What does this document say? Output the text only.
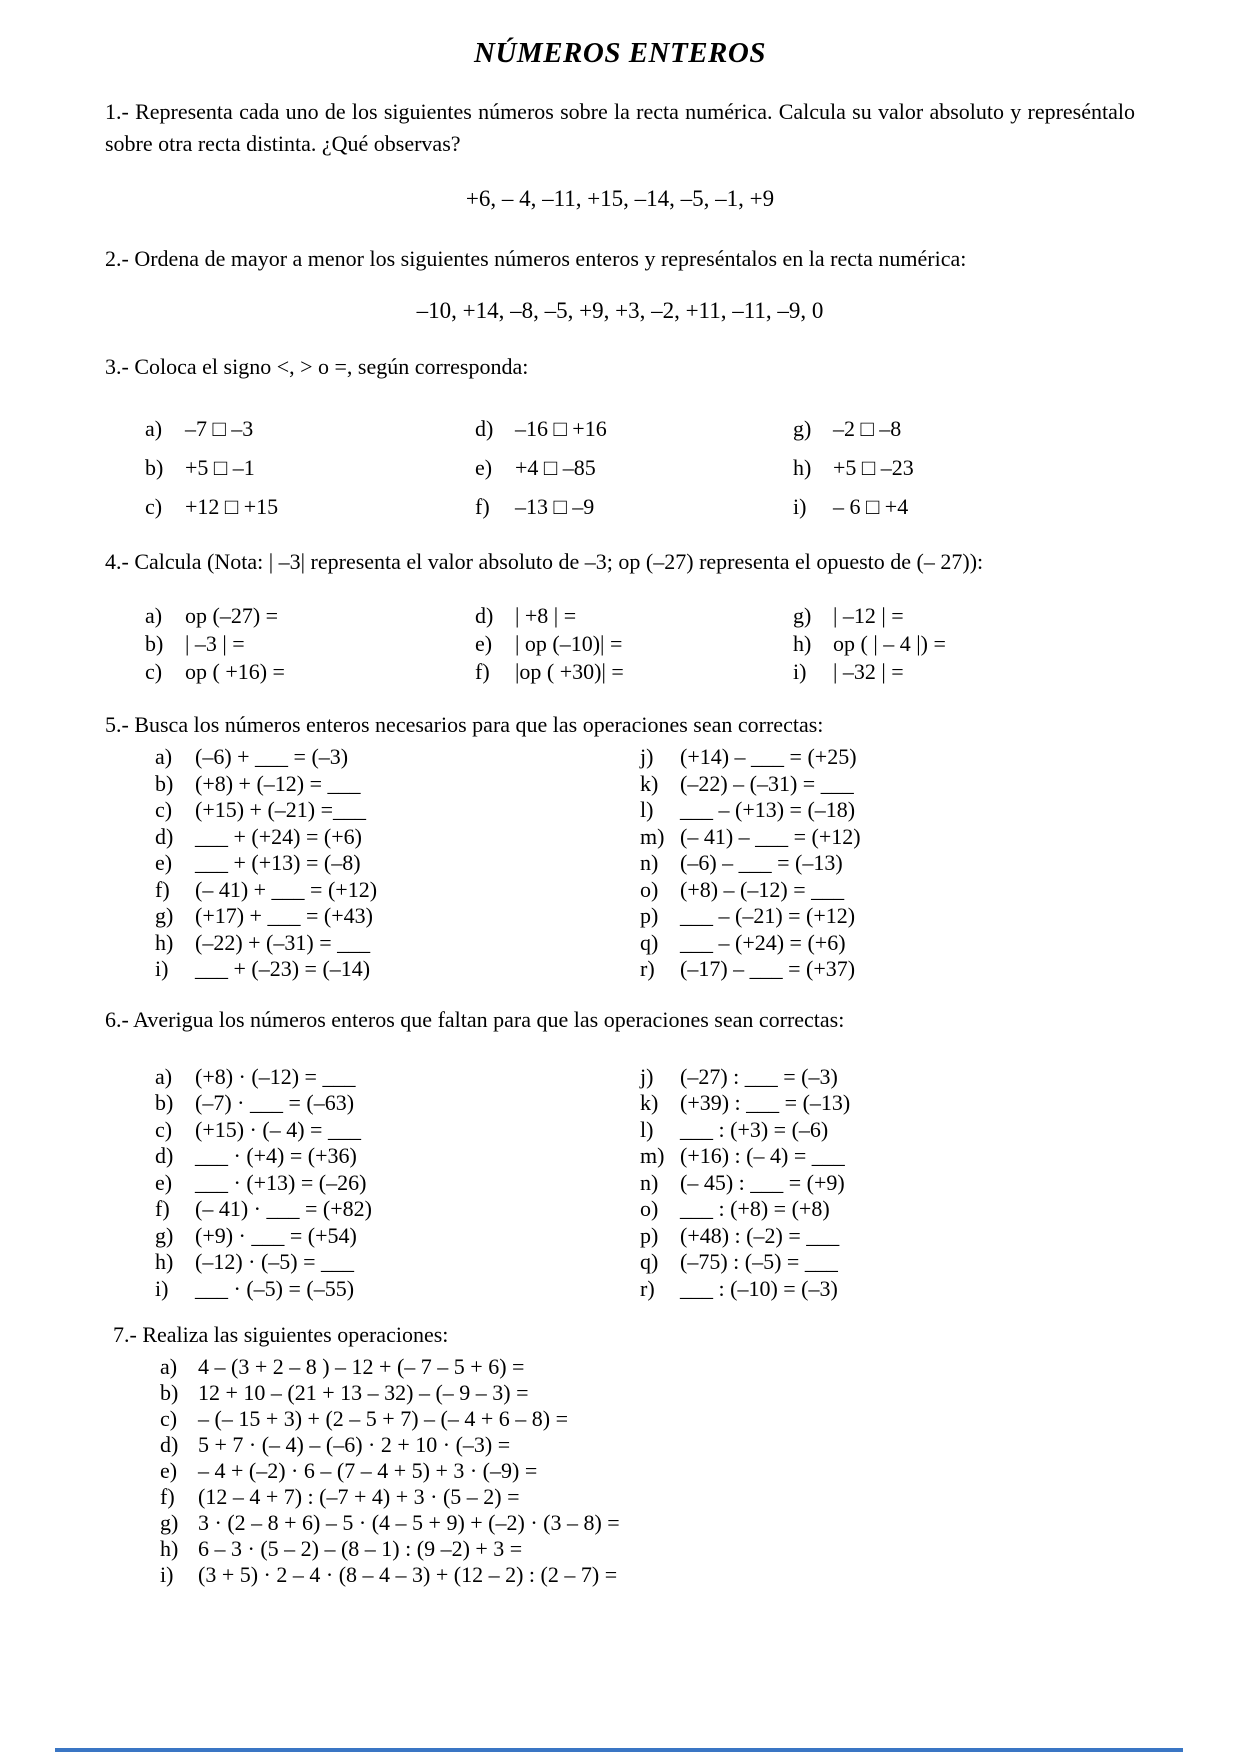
NÚMEROS ENTEROS

1.- Representa cada uno de los siguientes números sobre la recta numérica. Calcula su valor absoluto y represéntalo sobre otra recta distinta. ¿Qué observas?

+6, – 4, –11, +15, –14, –5, –1, +9
2.- Ordena de mayor a menor los siguientes números enteros y represéntalos en la recta numérica:
–10, +14, –8, –5, +9, +3, –2, +11, –11, –9, 0
3.- Coloca el signo <, > o =, según corresponda:
a)	–7 □ –3
b) +5 □ –1
c)	+12 □ +15
d) –16 □ +16
e)	+4 □ –85
f)	–13 □ –9
g) –2 □ –8
h) +5 □ –23
i)	– 6 □ +4
4.- Calcula (Nota: | –3| representa el valor absoluto de –3; op (–27) representa el opuesto de (– 27)):
a)	op (–27) =
b) | –3 | =
c)	op ( +16) =
d) | +8 | =
e)	| op (–10)| =
f)	|op ( +30)| =
g) | –12 | =
h) op ( | – 4 |) =
i)	| –32 | =
5.- Busca los números enteros necesarios para que las operaciones sean correctas:
a)	(–6) + ___ = (–3)
b) (+8) + (–12) = ___
c)	(+15) + (–21) =___
d) ___ + (+24) = (+6)
e)	___ + (+13) = (–8)
f)	(– 41) + ___ = (+12)
g) (+17) + ___ = (+43)
h) (–22) + (–31) = ___
i)	___ + (–23) = (–14)
j)	(+14) – ___ = (+25)
k) (–22) – (–31) = ___
l)	___ – (+13) = (–18)
m) (– 41) – ___ = (+12)
n) (–6) – ___ = (–13)
o) (+8) – (–12) = ___
p) ___ – (–21) = (+12)
q) ___ – (+24) = (+6)
r)	(–17) – ___ = (+37)
6.- Averigua los números enteros que faltan para que las operaciones sean correctas:
a)	(+8) · (–12) = ___
b) (–7) · ___ = (–63)
c)	(+15) · (– 4) = ___
d) ___ · (+4) = (+36)
e)	___ · (+13) = (–26)
f)	(– 41) · ___ = (+82)
g) (+9) · ___ = (+54)
h) (–12) · (–5) = ___
i)	___ · (–5) = (–55)
j)	(–27) : ___ = (–3)
k) (+39) : ___ = (–13)
l)	___ : (+3) = (–6)
m) (+16) : (– 4) = ___
n) (– 45) : ___ = (+9)
o) ___ : (+8) = (+8)
p) (+48) : (–2) = ___
q) (–75) : (–5) = ___
r)	___ : (–10) = (–3)
7.- Realiza las siguientes operaciones:
a) 4 – (3 + 2 – 8 ) – 12 + (– 7 – 5 + 6) =
b) 12 + 10 – (21 + 13 – 32) – (– 9 – 3) =
c) – (– 15 + 3) + (2 – 5 + 7) – (– 4 + 6 – 8) =
d) 5 + 7 · (– 4) – (–6) · 2 + 10 · (–3) =
e) – 4 + (–2) · 6 – (7 – 4 + 5) + 3 · (–9) =
f)	(12 – 4 + 7) : (–7 + 4) + 3 · (5 – 2) =
g) 3 · (2 – 8 + 6) – 5 · (4 – 5 + 9) + (–2) · (3 – 8) =
h) 6 – 3 · (5 – 2) – (8 – 1) : (9 –2) + 3 =
i)	(3 + 5) · 2 – 4 · (8 – 4 – 3) + (12 – 2) : (2 – 7) =
